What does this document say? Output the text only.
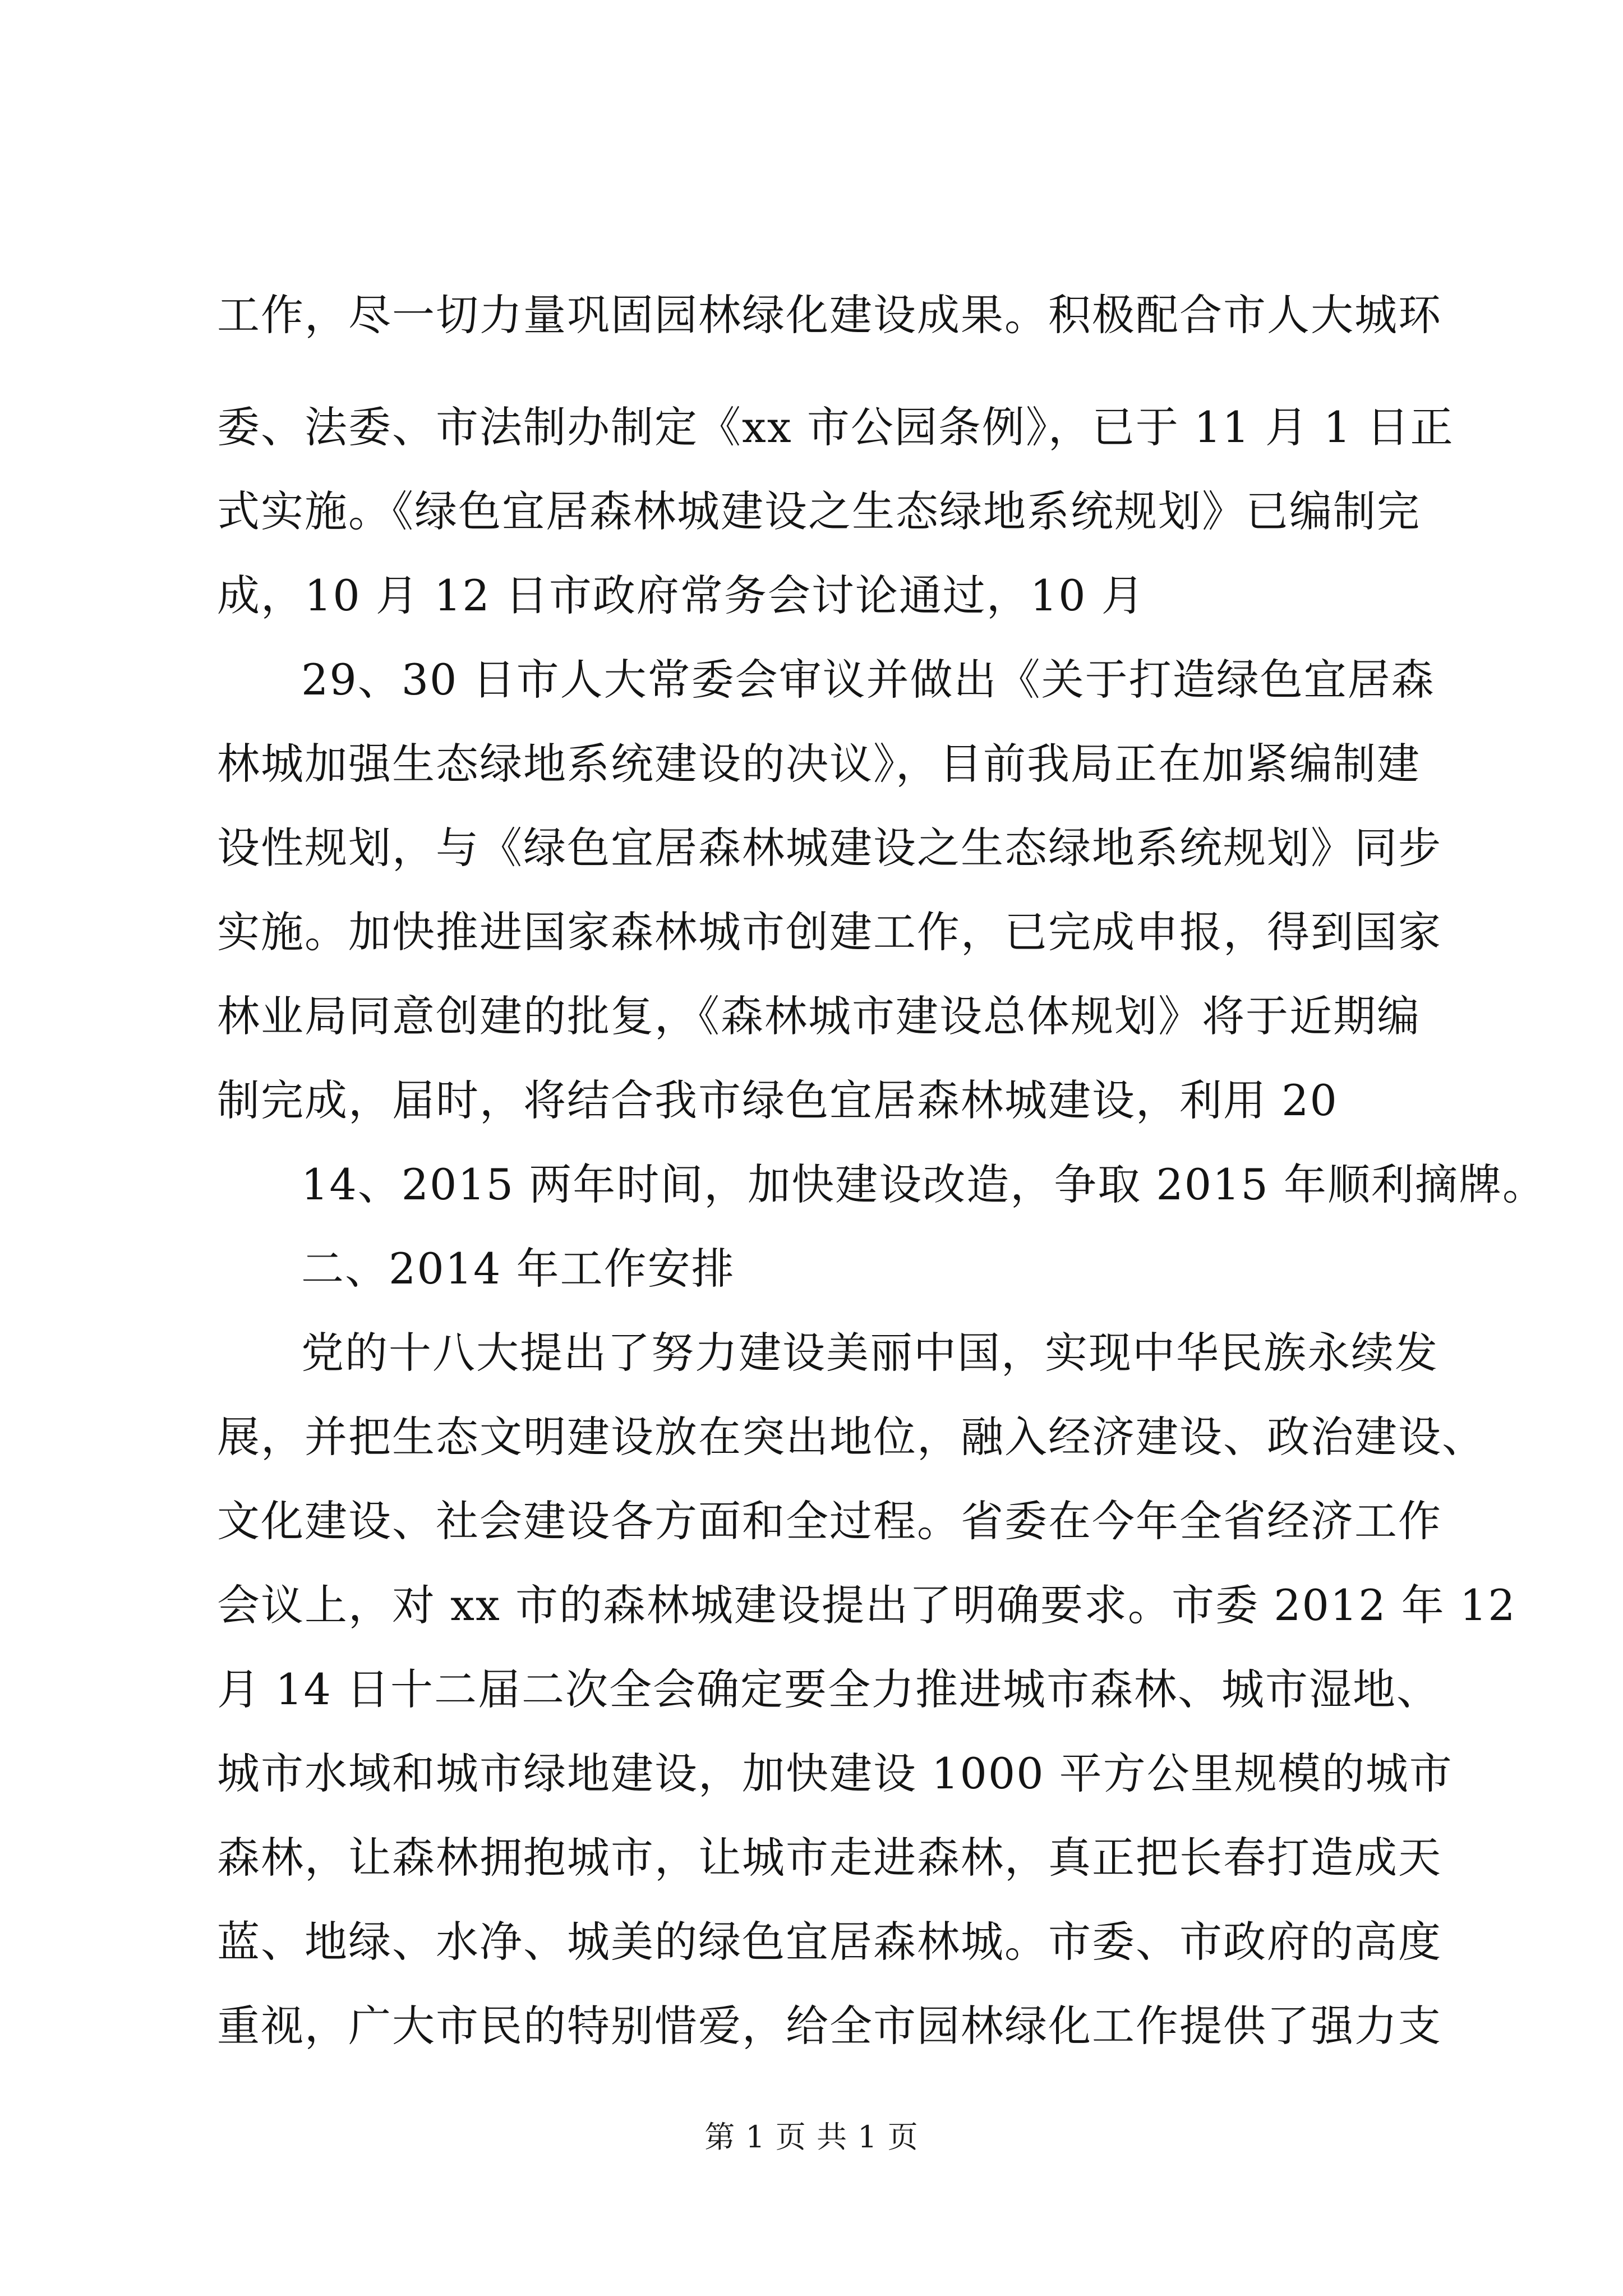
工作，尽一切力量巩固园林绿化建设成果。积极配合市人大城环
委、法委、市法制办制定《xx 市公园条例》，已于 11 月 1 日正
式实施。《绿色宜居森林城建设之生态绿地系统规划》已编制完
成，10 月 12 日市政府常务会讨论通过，10 月
29、30 日市人大常委会审议并做出《关于打造绿色宜居森
林城加强生态绿地系统建设的决议》，目前我局正在加紧编制建
设性规划，与《绿色宜居森林城建设之生态绿地系统规划》同步
实施。加快推进国家森林城市创建工作，已完成申报，得到国家
林业局同意创建的批复，《森林城市建设总体规划》将于近期编
制完成，届时，将结合我市绿色宜居森林城建设，利用 20
14、2015 两年时间，加快建设改造，争取 2015 年顺利摘牌。
二、2014 年工作安排
党的十八大提出了努力建设美丽中国，实现中华民族永续发
展，并把生态文明建设放在突出地位，融入经济建设、政治建设、
文化建设、社会建设各方面和全过程。省委在今年全省经济工作
会议上，对 xx 市的森林城建设提出了明确要求。市委 2012 年 12
月 14 日十二届二次全会确定要全力推进城市森林、城市湿地、
城市水域和城市绿地建设，加快建设 1000 平方公里规模的城市
森林，让森林拥抱城市，让城市走进森林，真正把长春打造成天
蓝、地绿、水净、城美的绿色宜居森林城。市委、市政府的高度
重视，广大市民的特别惜爱，给全市园林绿化工作提供了强力支
第 1 页 共 1 页
